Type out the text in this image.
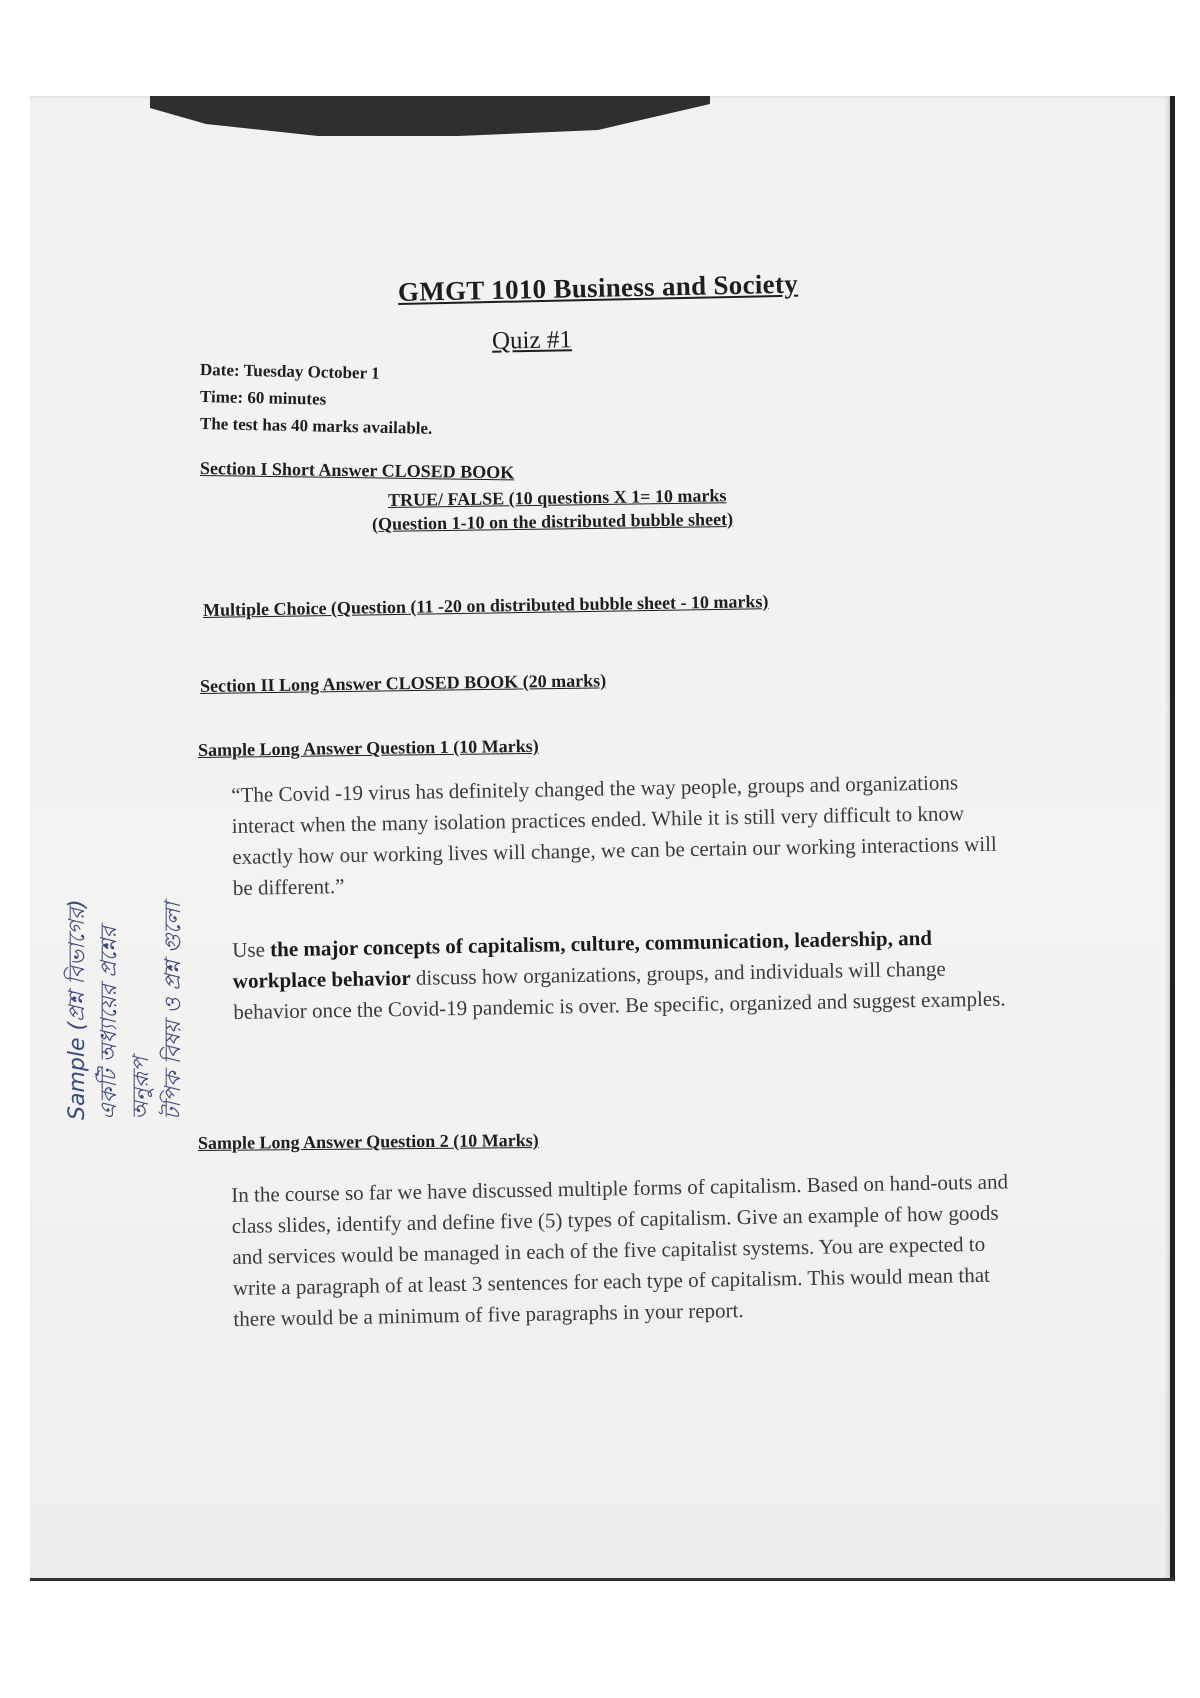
GMGT 1010 Business and Society
Quiz #1
Date: Tuesday October 1
Time: 60 minutes
The test has 40 marks available.
Section I Short Answer CLOSED BOOK
TRUE/ FALSE (10 questions X 1= 10 marks
(Question 1-10 on the distributed bubble sheet)
Multiple Choice (Question (11 -20 on distributed bubble sheet - 10 marks)
Section II Long Answer CLOSED BOOK (20 marks)
Sample Long Answer Question 1 (10 Marks)
“The Covid -19 virus has definitely changed the way people, groups and organizations interact when the many isolation practices ended. While it is still very difficult to know exactly how our working lives will change, we can be certain our working interactions will be different.”
Use the major concepts of capitalism, culture, communication, leadership, and workplace behavior discuss how organizations, groups, and individuals will change behavior once the Covid-19 pandemic is over. Be specific, organized and suggest examples.
Sample Long Answer Question 2 (10 Marks)
In the course so far we have discussed multiple forms of capitalism. Based on hand-outs and class slides, identify and define five (5) types of capitalism. Give an example of how goods and services would be managed in each of the five capitalist systems. You are expected to write a paragraph of at least 3 sentences for each type of capitalism. This would mean that there would be a minimum of five paragraphs in your report.
Sample (প্রশ্ন বিভাগের) একটি অধ্যায়ের প্রশ্নের অনুরূপ টপিক বিষয় ও প্রশ্ন গুলো
